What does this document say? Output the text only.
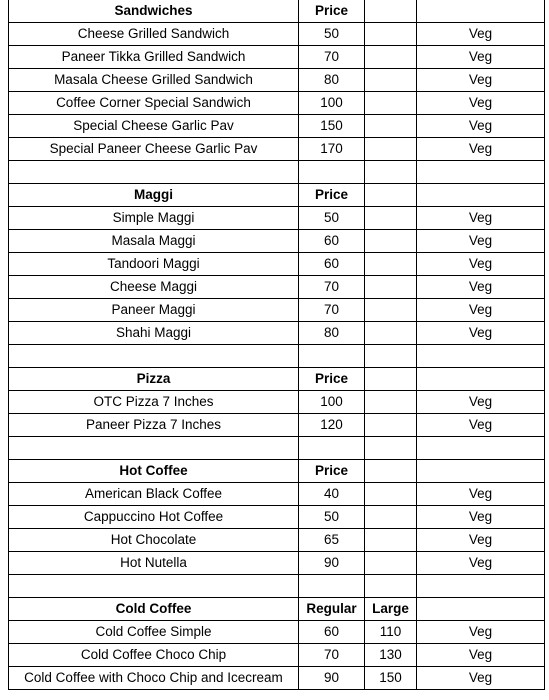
Sandwiches	Price		
Cheese Grilled Sandwich	50		Veg
Paneer Tikka Grilled Sandwich	70		Veg
Masala Cheese Grilled Sandwich	80		Veg
Coffee Corner Special Sandwich	100		Veg
Special Cheese Garlic Pav	150		Veg
Special Paneer Cheese Garlic Pav	170		Veg

Maggi	Price		
Simple Maggi	50		Veg
Masala Maggi	60		Veg
Tandoori Maggi	60		Veg
Cheese Maggi	70		Veg
Paneer Maggi	70		Veg
Shahi Maggi	80		Veg

Pizza	Price		
OTC Pizza 7 Inches	100		Veg
Paneer Pizza 7 Inches	120		Veg

Hot Coffee	Price		
American Black Coffee	40		Veg
Cappuccino Hot Coffee	50		Veg
Hot Chocolate	65		Veg
Hot Nutella	90		Veg

Cold Coffee	Regular	Large	
Cold Coffee Simple	60	110	Veg
Cold Coffee Choco Chip	70	130	Veg
Cold Coffee with Choco Chip and Icecream	90	150	Veg
